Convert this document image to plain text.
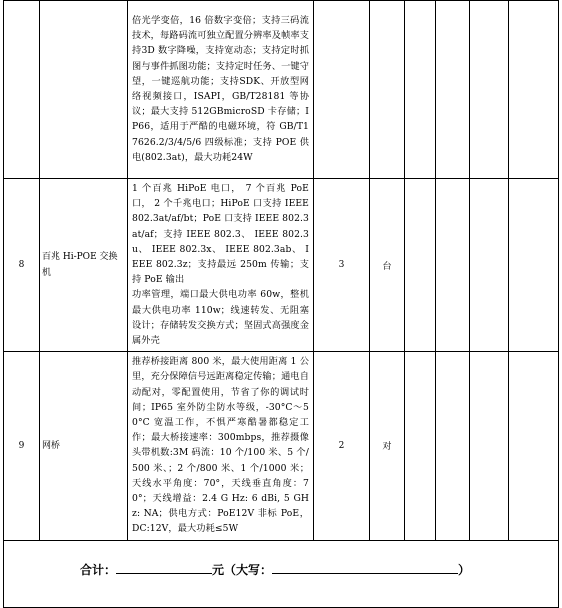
		倍光学变倍，16 倍数字变倍；支持三码流技术，每路码流可独立配置分辨率及帧率支持3D 数字降噪，支持宽动态；支持定时抓图与事件抓图功能；支持定时任务、一键守望，一键巡航功能；支持SDK、开放型网络视频接口，ISAPI，GB/T28181 等协议；最大支持 512GBmicroSD 卡存储；IP66，适用于严酷的电磁环境，符 GB/T17626.2/3/4/5/6 四级标准；支持 POE 供电(802.3at)，最大功耗24W						

8	百兆 Hi-POE 交换机	1 个百兆 HiPoE 电口， 7 个百兆 PoE 口， 2 个千兆电口；HiPoE 口支持 IEEE 802.3at/af/bt；PoE 口支持 IEEE 802.3at/af；支持 IEEE 802.3、 IEEE 802.3u、 IEEE 802.3x、 IEEE 802.3ab、 IEEE 802.3z；支持最远 250m 传输；支持 PoE 输出
功率管理，端口最大供电功率 60w，整机最大供电功率 110w；线速转发、无阻塞设计；存储转发交换方式；坚固式高强度金属外壳	3	台				
9	网桥	推荐桥接距离 800 米，最大使用距离 1 公里，充分保障信号远距离稳定传输；通电自动配对，零配置使用，节省了你的调试时间；IP65 室外防尘防水等级，-30°C～50°C 宽温工作，不惧严寒酷暑都稳定工作；最大桥接速率：300mbps，推荐摄像头带机数:3M 码流：10 个/100 米、5 个/500 米、；2 个/800 米、1 个/1000 米；天线水平角度：70°，天线垂直角度：70°；天线增益：2.4 G Hz: 6 dBi, 5 GHz: NA；供电方式：PoE12V 非标 PoE，DC:12V，最大功耗≤5W	2	对				

合计：	元（大写：	）
